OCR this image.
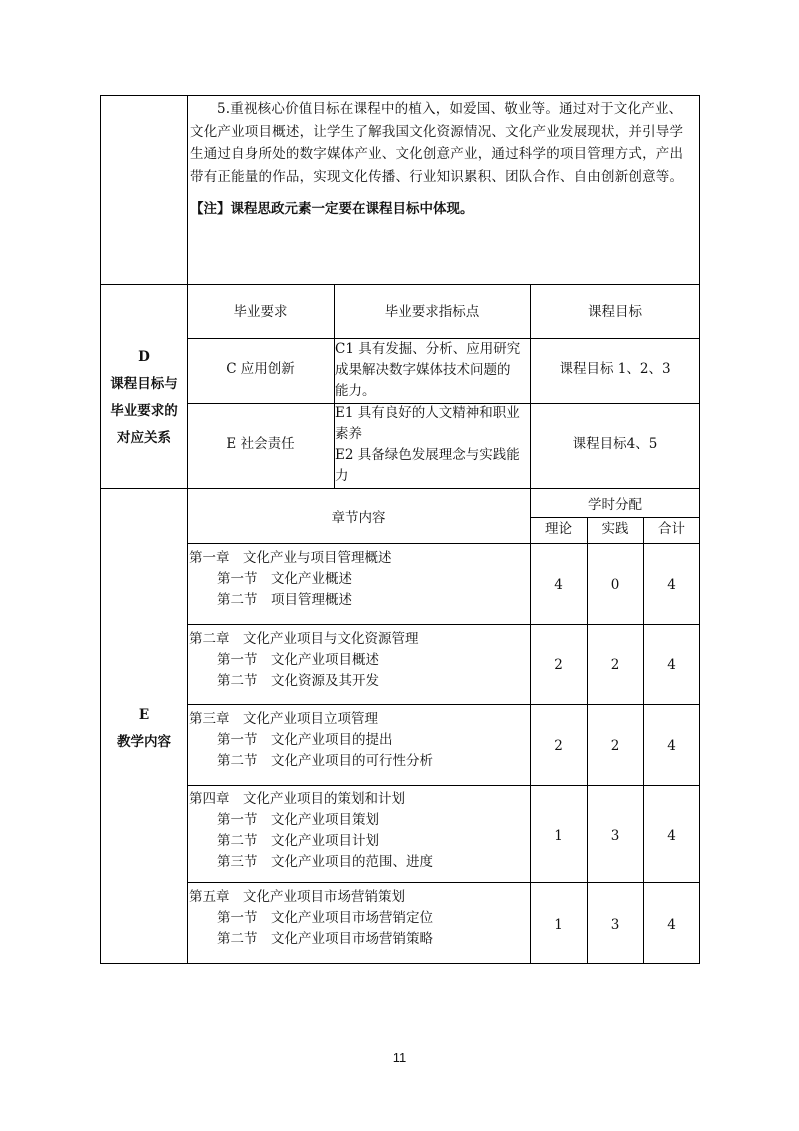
5.重视核心价值目标在课程中的植入，如爱国、敬业等。通过对于文化产业、文化产业项目概述，让学生了解我国文化资源情况、文化产业发展现状，并引导学生通过自身所处的数字媒体产业、文化创意产业，通过科学的项目管理方式，产出带有正能量的作品，实现文化传播、行业知识累积、团队合作、自由创新创意等。
【注】课程思政元素一定要在课程目标中体现。
D
课程目标与
毕业要求的
对应关系
毕业要求	毕业要求指标点	课程目标
C 应用创新
C1 具有发掘、分析、应用研究
成果解决数字媒体技术问题的
能力。
课程目标 1、2、3
E 社会责任
E1 具有良好的人文精神和职业
素养
E2 具备绿色发展理念与实践能
力
课程目标4、5
E
教学内容
章节内容
学时分配
理论	实践	合计
第一章　文化产业与项目管理概述
第一节　文化产业概述
第二节　项目管理概述
4	0	4
第二章　文化产业项目与文化资源管理
第一节　文化产业项目概述
第二节　文化资源及其开发
2	2	4
第三章　文化产业项目立项管理
第一节　文化产业项目的提出
第二节　文化产业项目的可行性分析
2	2	4
第四章　文化产业项目的策划和计划
第一节　文化产业项目策划
第二节　文化产业项目计划
第三节　文化产业项目的范围、进度
1	3	4
第五章　文化产业项目市场营销策划
第一节　文化产业项目市场营销定位
第二节　文化产业项目市场营销策略
1	3	4
11
